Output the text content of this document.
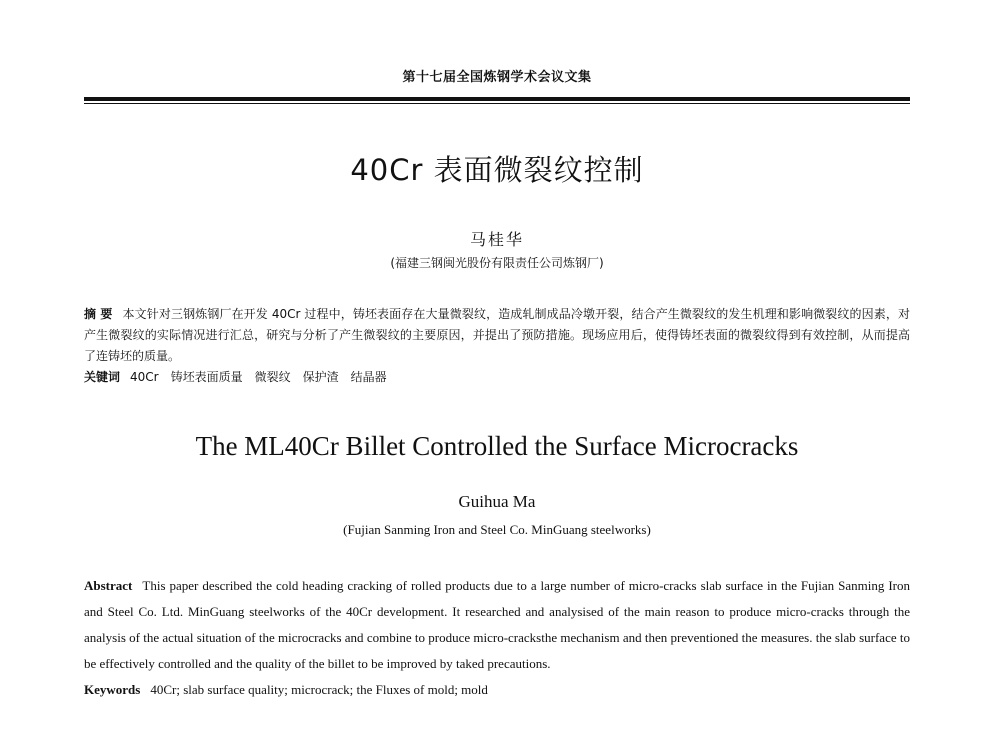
第十七届全国炼钢学术会议文集
40Cr 表面微裂纹控制
马桂华
(福建三钢闽光股份有限责任公司炼钢厂)

摘 要 本文针对三钢炼钢厂在开发 40Cr 过程中，铸坯表面存在大量微裂纹，造成轧制成品冷墩开裂，结合产生微裂纹的发生机理和影响微裂纹的因素，对产生微裂纹的实际情况进行汇总，研究与分析了产生微裂纹的主要原因，并提出了预防措施。现场应用后，使得铸坯表面的微裂纹得到有效控制，从而提高了连铸坯的质量。

关键词 40Cr 铸坯表面质量 微裂纹 保护渣 结晶器

The ML40Cr Billet Controlled the Surface Microcracks
Guihua Ma
(Fujian Sanming Iron and Steel Co. MinGuang steelworks)

Abstract This paper described the cold heading cracking of rolled products due to a large number of micro-cracks slab surface in the Fujian Sanming Iron and Steel Co. Ltd. MinGuang steelworks of the 40Cr development. It researched and analysised of the main reason to produce micro-cracks through the analysis of the actual situation of the microcracks and combine to produce micro-cracksthe mechanism and then preventioned the measures. the slab surface to be effectively controlled and the quality of the billet to be improved by taked precautions.

Keywords 40Cr; slab surface quality; microcrack; the Fluxes of mold; mold
